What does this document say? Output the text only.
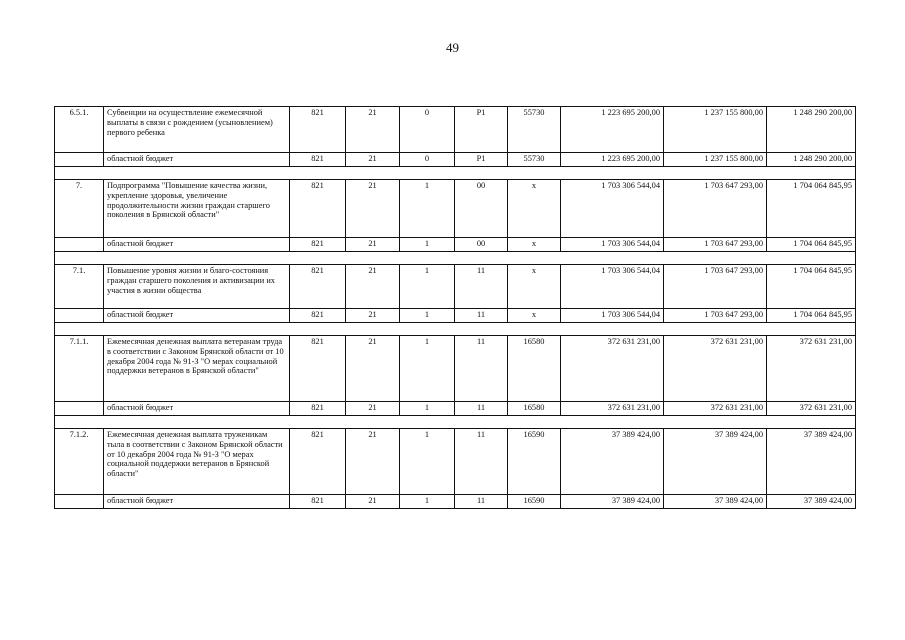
49
6.5.1.	Субвенции на осуществление ежемесячной выплаты в связи с рождением (усыновлением) первого ребенка	821	21	0	P1	55730	1 223 695 200,00	1 237 155 800,00	1 248 290 200,00
	областной бюджет	821	21	0	P1	55730	1 223 695 200,00	1 237 155 800,00	1 248 290 200,00

7.	Подпрограмма "Повышение качества жизни, укрепление здоровья, увеличение продолжительности жизни граждан старшего поколения в Брянской области"	821	21	1	00	х	1 703 306 544,04	1 703 647 293,00	1 704 064 845,95
	областной бюджет	821	21	1	00	х	1 703 306 544,04	1 703 647 293,00	1 704 064 845,95

7.1.	Повышение уровня жизни и благо-состояния граждан старшего поколения и активизации их участия в жизни общества	821	21	1	11	х	1 703 306 544,04	1 703 647 293,00	1 704 064 845,95
	областной бюджет	821	21	1	11	х	1 703 306 544,04	1 703 647 293,00	1 704 064 845,95

7.1.1.	Ежемесячная денежная выплата ветеранам труда в соответствии с Законом Брянской области от 10 декабря 2004 года № 91-З "О мерах социальной поддержки ветеранов в Брянской области"	821	21	1	11	16580	372 631 231,00	372 631 231,00	372 631 231,00
	областной бюджет	821	21	1	11	16580	372 631 231,00	372 631 231,00	372 631 231,00

7.1.2.	Ежемесячная денежная выплата труженикам тыла в соответствии с Законом Брянской области от 10 декабря 2004 года № 91-З "О мерах социальной поддержки ветеранов в Брянской области"	821	21	1	11	16590	37 389 424,00	37 389 424,00	37 389 424,00
	областной бюджет	821	21	1	11	16590	37 389 424,00	37 389 424,00	37 389 424,00
